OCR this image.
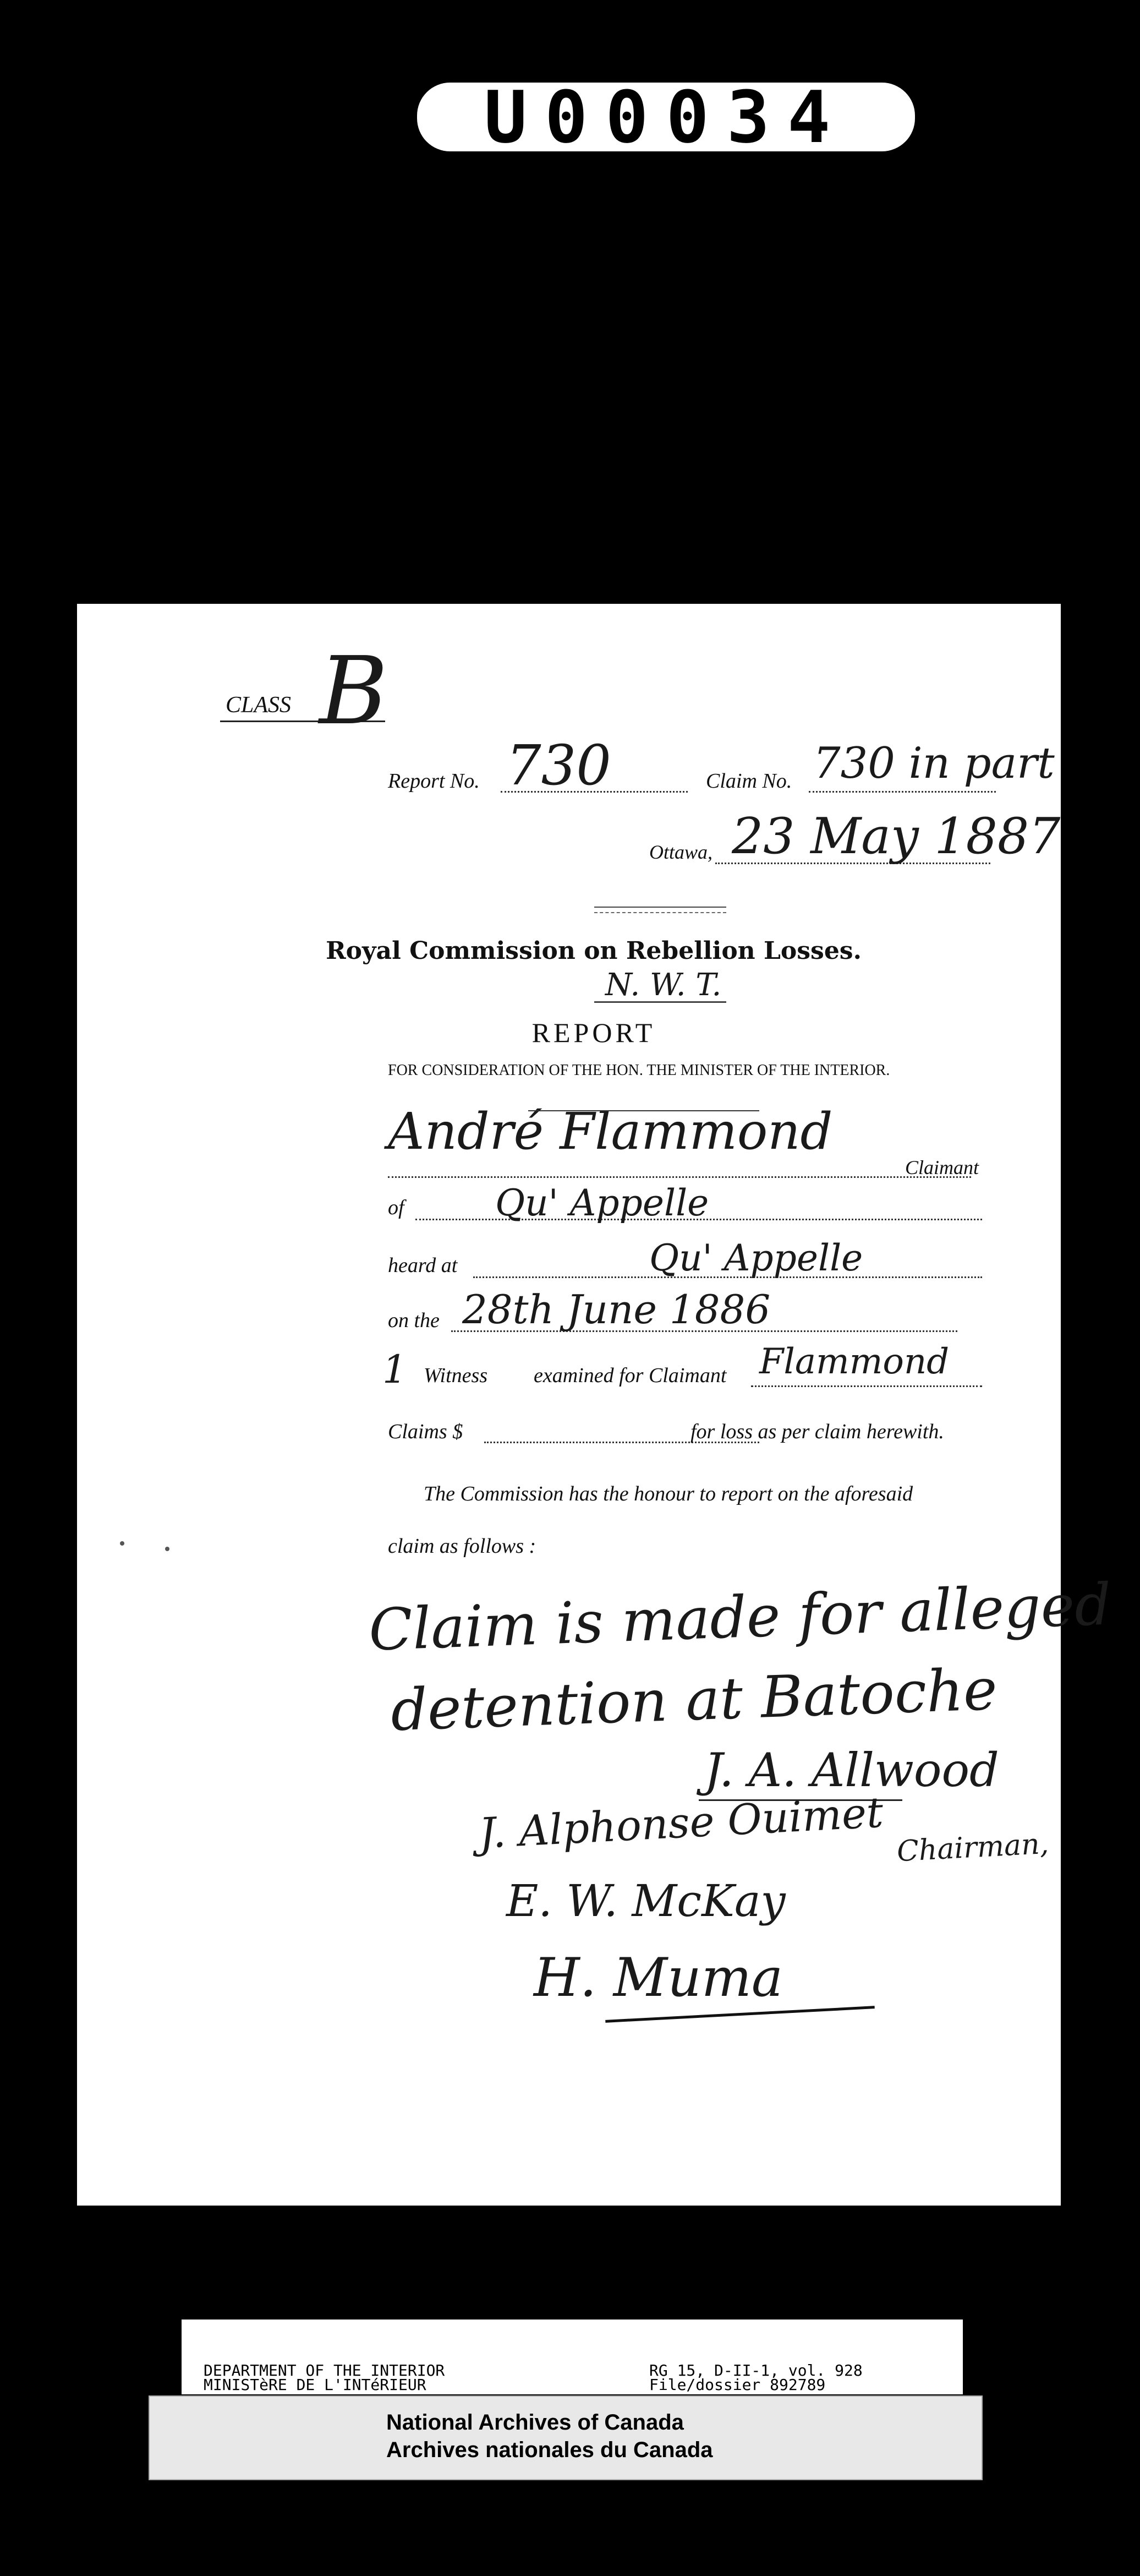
U00034
CLASS B
Report No. 730	Claim No. 730 in part
Ottawa, 23 May 1887
Royal Commission on Rebellion Losses.
N. W. T.
REPORT
FOR CONSIDERATION OF THE HON. THE MINISTER OF THE INTERIOR.
André Flammond
Claimant
of	Qu' Appelle
heard at	Qu' Appelle
on the 28th June 1886
1 Witness examined for Claimant Flammond
Claims $	for loss as per claim herewith.
The Commission has the honour to report on the aforesaid
claim as follows :
Claim is made for alleged
detention at Batoche
J. A. Allwood
J. Alphonse Ouimet Chairman,
E. W. McKay
H. Muma
DEPARTMENT OF THE INTERIOR
MINISTèRE DE L'INTéRIEUR
RG 15, D-II-1, vol. 928
File/dossier 892789
National Archives of Canada
Archives nationales du Canada
